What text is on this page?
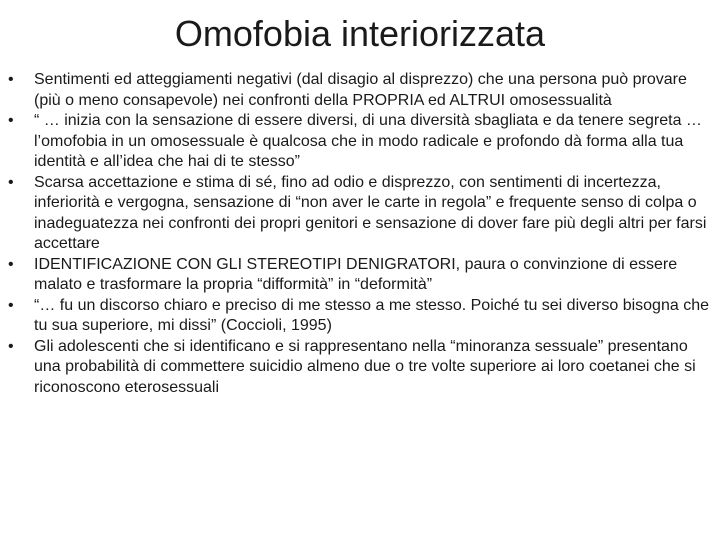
Omofobia interiorizzata
•	Sentimenti ed atteggiamenti negativi (dal disagio al disprezzo) che una persona può provare (più o meno consapevole) nei confronti della PROPRIA ed ALTRUI omosessualità
•	“ … inizia con la sensazione di essere diversi, di una diversità sbagliata e da tenere segreta … l’omofobia in un omosessuale è qualcosa che in modo radicale e profondo dà forma alla tua identità e all’idea che hai di te stesso”
•	Scarsa accettazione e stima di sé, fino ad odio e disprezzo, con sentimenti di incertezza, inferiorità e vergogna, sensazione di “non aver le carte in regola” e frequente senso di colpa o inadeguatezza nei confronti dei propri genitori e sensazione di dover fare più degli altri per farsi accettare
•	IDENTIFICAZIONE CON GLI STEREOTIPI DENIGRATORI, paura o convinzione di essere malato e trasformare la propria “difformità” in “deformità”
•	“… fu un discorso chiaro e preciso di me stesso a me stesso. Poiché tu sei diverso bisogna che tu sua superiore, mi dissi” (Coccioli, 1995)
•	Gli adolescenti che si identificano e si rappresentano nella “minoranza sessuale” presentano una probabilità di commettere suicidio almeno due o tre volte superiore ai loro coetanei che si riconoscono eterosessuali
